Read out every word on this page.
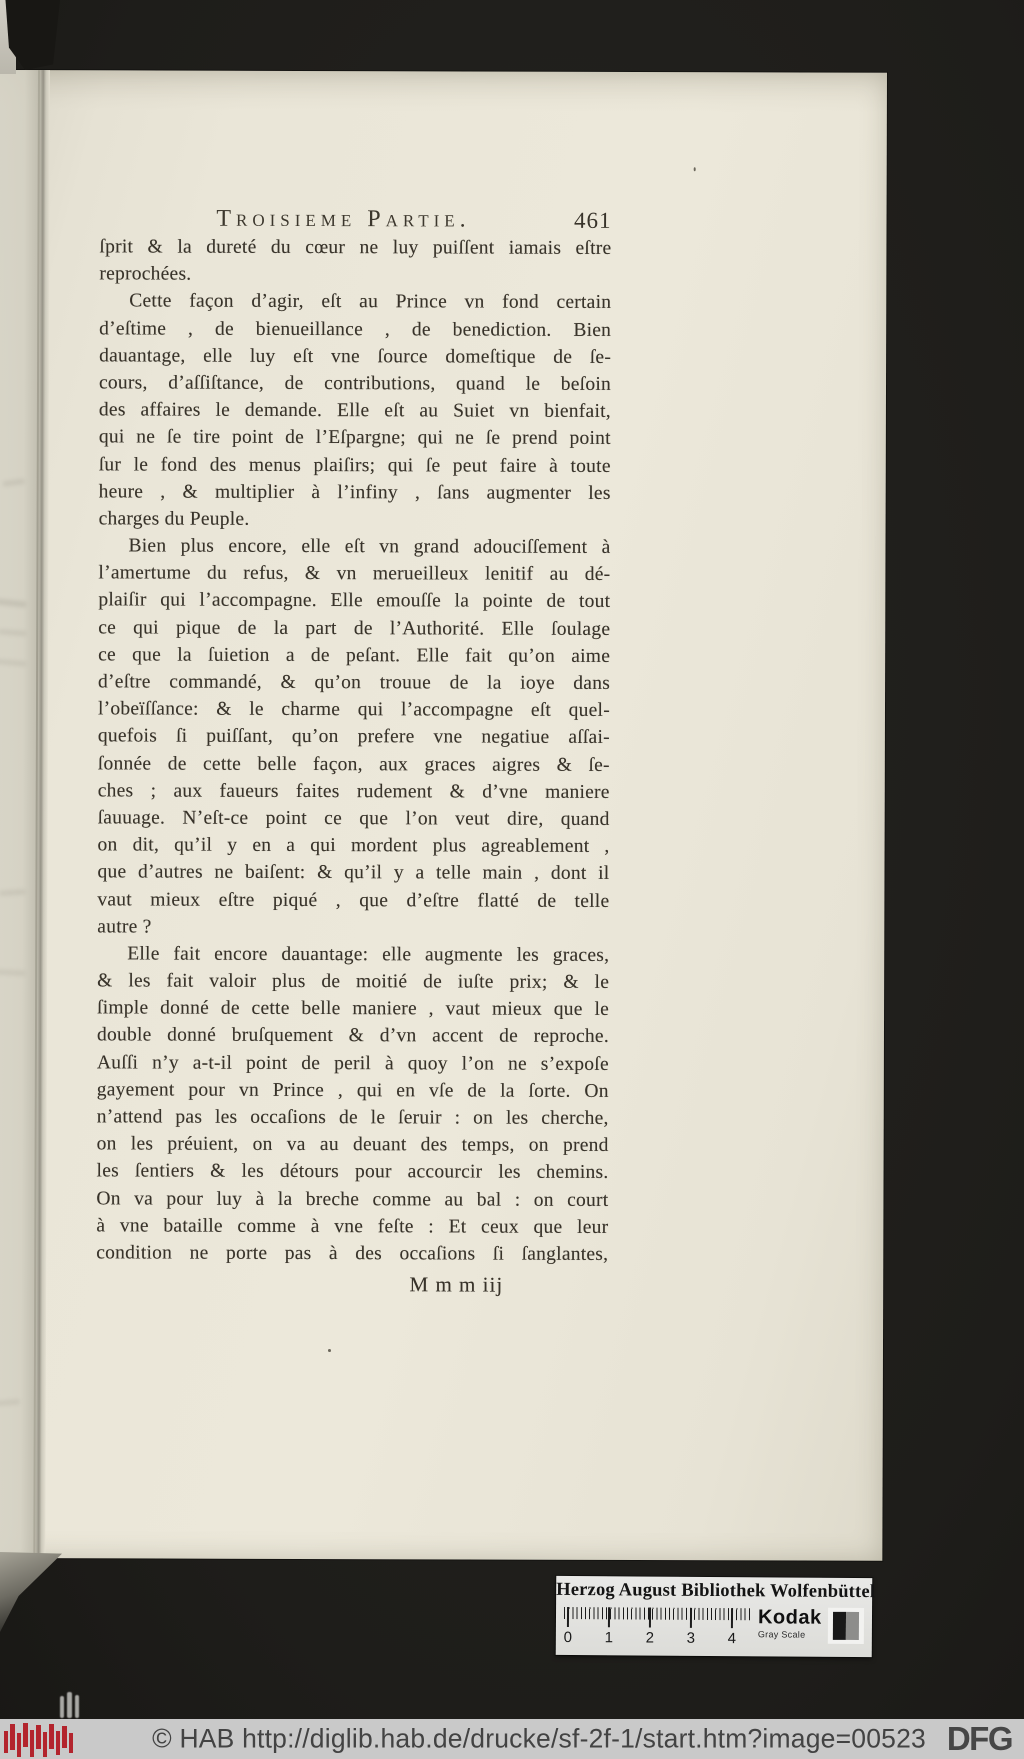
Troisieme Partie.	461
ſprit & la dureté du cœur ne luy puiſſent iamais eſtre
reprochées.
Cette façon d’agir, eſt au Prince vn fond certain
d’eſtime , de bienueillance , de benediction. Bien
dauantage, elle luy eſt vne ſource domeſtique de ſe-
cours, d’aſſiſtance, de contributions, quand le beſoin
des affaires le demande. Elle eſt au Suiet vn bienfait,
qui ne ſe tire point de l’Eſpargne; qui ne ſe prend point
ſur le fond des menus plaiſirs; qui ſe peut faire à toute
heure , & multiplier à l’infiny , ſans augmenter les
charges du Peuple.
Bien plus encore, elle eſt vn grand adouciſſement à
l’amertume du refus, & vn merueilleux lenitif au dé-
plaiſir qui l’accompagne. Elle emouſſe la pointe de tout
ce qui pique de la part de l’Authorité. Elle ſoulage
ce que la ſuietion a de peſant. Elle fait qu’on aime
d’eſtre commandé, & qu’on trouue de la ioye dans
l’obeïſſance: & le charme qui l’accompagne eſt quel-
quefois ſi puiſſant, qu’on prefere vne negatiue aſſai-
ſonnée de cette belle façon, aux graces aigres & ſe-
ches ; aux faueurs faites rudement & d’vne maniere
ſauuage. N’eſt-ce point ce que l’on veut dire, quand
on dit, qu’il y en a qui mordent plus agreablement ,
que d’autres ne baiſent: & qu’il y a telle main , dont il
vaut mieux eſtre piqué , que d’eſtre flatté de telle
autre ?
Elle fait encore dauantage: elle augmente les graces,
& les fait valoir plus de moitié de iuſte prix; & le
ſimple donné de cette belle maniere , vaut mieux que le
double donné bruſquement & d’vn accent de reproche.
Auſſi n’y a-t-il point de peril à quoy l’on ne s’expoſe
gayement pour vn Prince , qui en vſe de la ſorte. On
n’attend pas les occaſions de le ſeruir : on les cherche,
on les préuient, on va au deuant des temps, on prend
les ſentiers & les détours pour accourcir les chemins.
On va pour luy à la breche comme au bal : on court
à vne bataille comme à vne feſte : Et ceux que leur
condition ne porte pas à des occaſions ſi ſanglantes,
M m m iij
Herzog August Bibliothek Wolfenbüttel
0 1 2 3 4
Kodak
Gray Scale
© HAB http://diglib.hab.de/drucke/sf-2f-1/start.htm?image=00523 DFG
